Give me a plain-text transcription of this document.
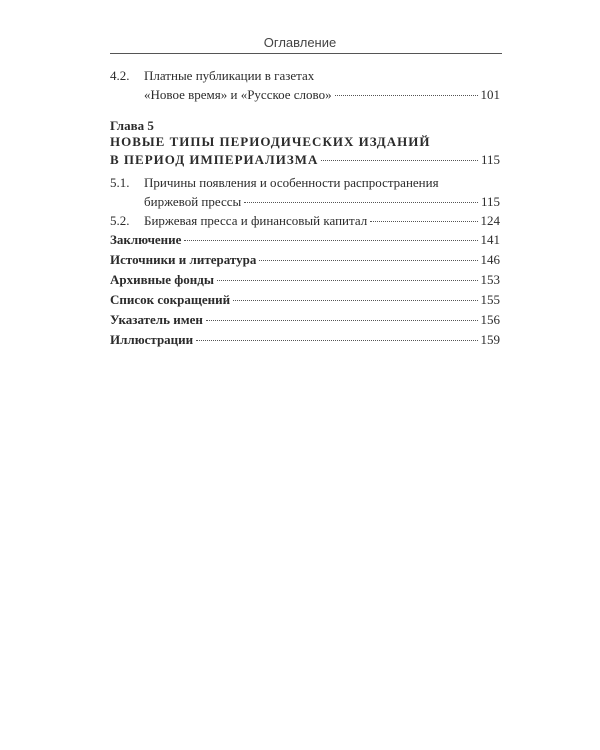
Оглавление
4.2.	Платные публикации в газетах
«Новое время» и «Русское слово»	101
Глава 5
НОВЫЕ ТИПЫ ПЕРИОДИЧЕСКИХ ИЗДАНИЙ
В ПЕРИОД ИМПЕРИАЛИЗМА	115
5.1.	Причины появления и особенности распространения
биржевой прессы	115
5.2.	Биржевая пресса и финансовый капитал	124
Заключение	141
Источники и литература	146
Архивные фонды	153
Список сокращений	155
Указатель имен	156
Иллюстрации	159
